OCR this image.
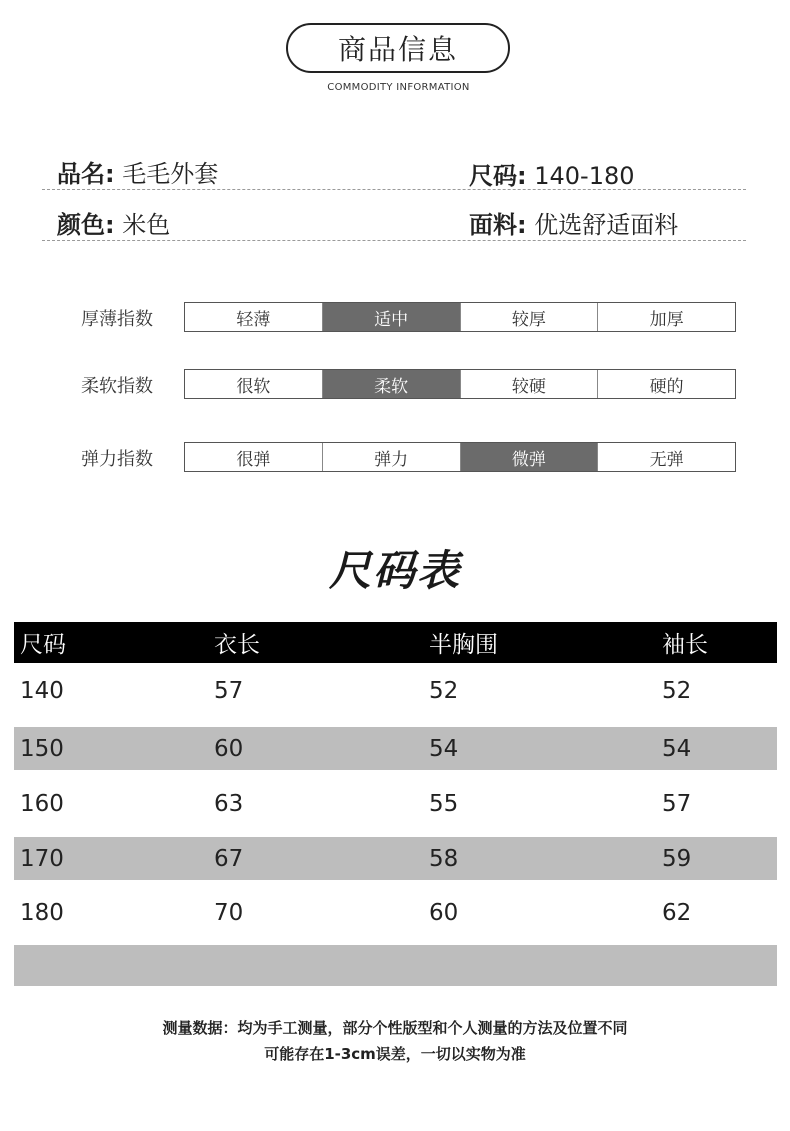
商品信息
COMMODITY INFORMATION
品名: 毛毛外套	尺码: 140-180
颜色: 米色	面料: 优选舒适面料
厚薄指数	轻薄	适中	较厚	加厚
柔软指数	很软	柔软	较硬	硬的
弹力指数	很弹	弹力	微弹	无弹
尺码表
尺码	衣长	半胸围	袖长
140	57	52	52
150	60	54	54
160	63	55	57
170	67	58	59
180	70	60	62
测量数据：均为手工测量，部分个性版型和个人测量的方法及位置不同
可能存在1-3cm误差，一切以实物为准
